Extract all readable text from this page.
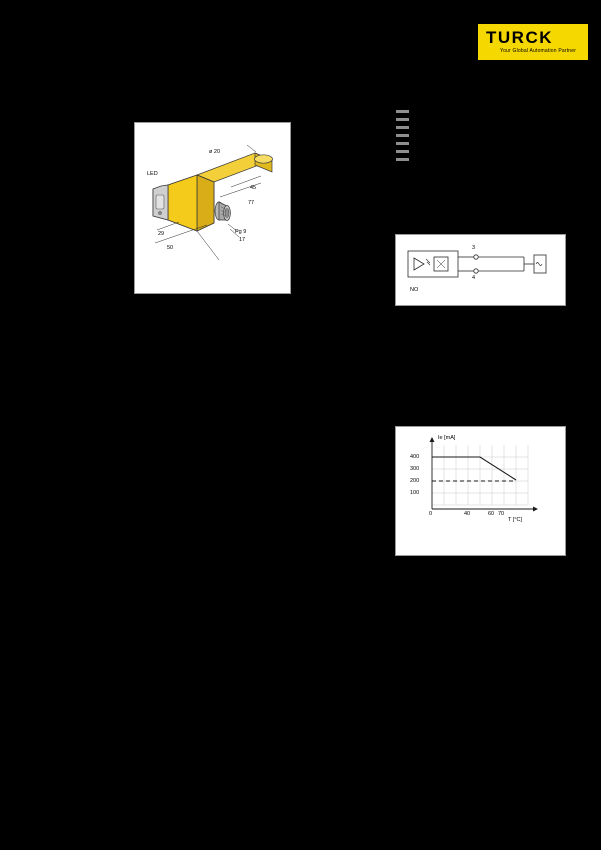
TURCK
Your Global Automation Partner
LED
ø 20
45
77
29
50
Pg 9
17
3
4
NO
Ie [mA]
T [°C]
400
300
200
100
0	40	60 70
